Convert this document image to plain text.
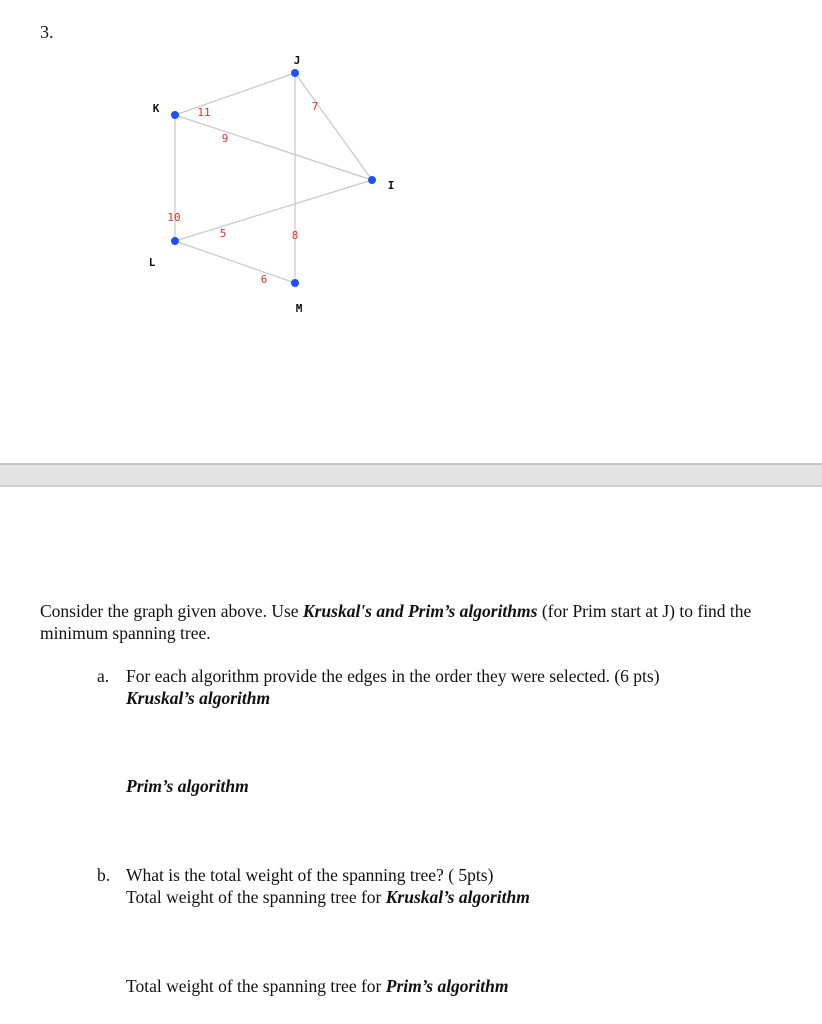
3.
11
9
7
10
5	8
6
J
K
I
L
M
Consider the graph given above. Use Kruskal's and Prim’s algorithms (for Prim start at J) to find the minimum spanning tree.
a. For each algorithm provide the edges in the order they were selected. (6 pts)
Kruskal’s algorithm
Prim’s algorithm
b. What is the total weight of the spanning tree? ( 5pts)
Total weight of the spanning tree for Kruskal’s algorithm
Total weight of the spanning tree for Prim’s algorithm
